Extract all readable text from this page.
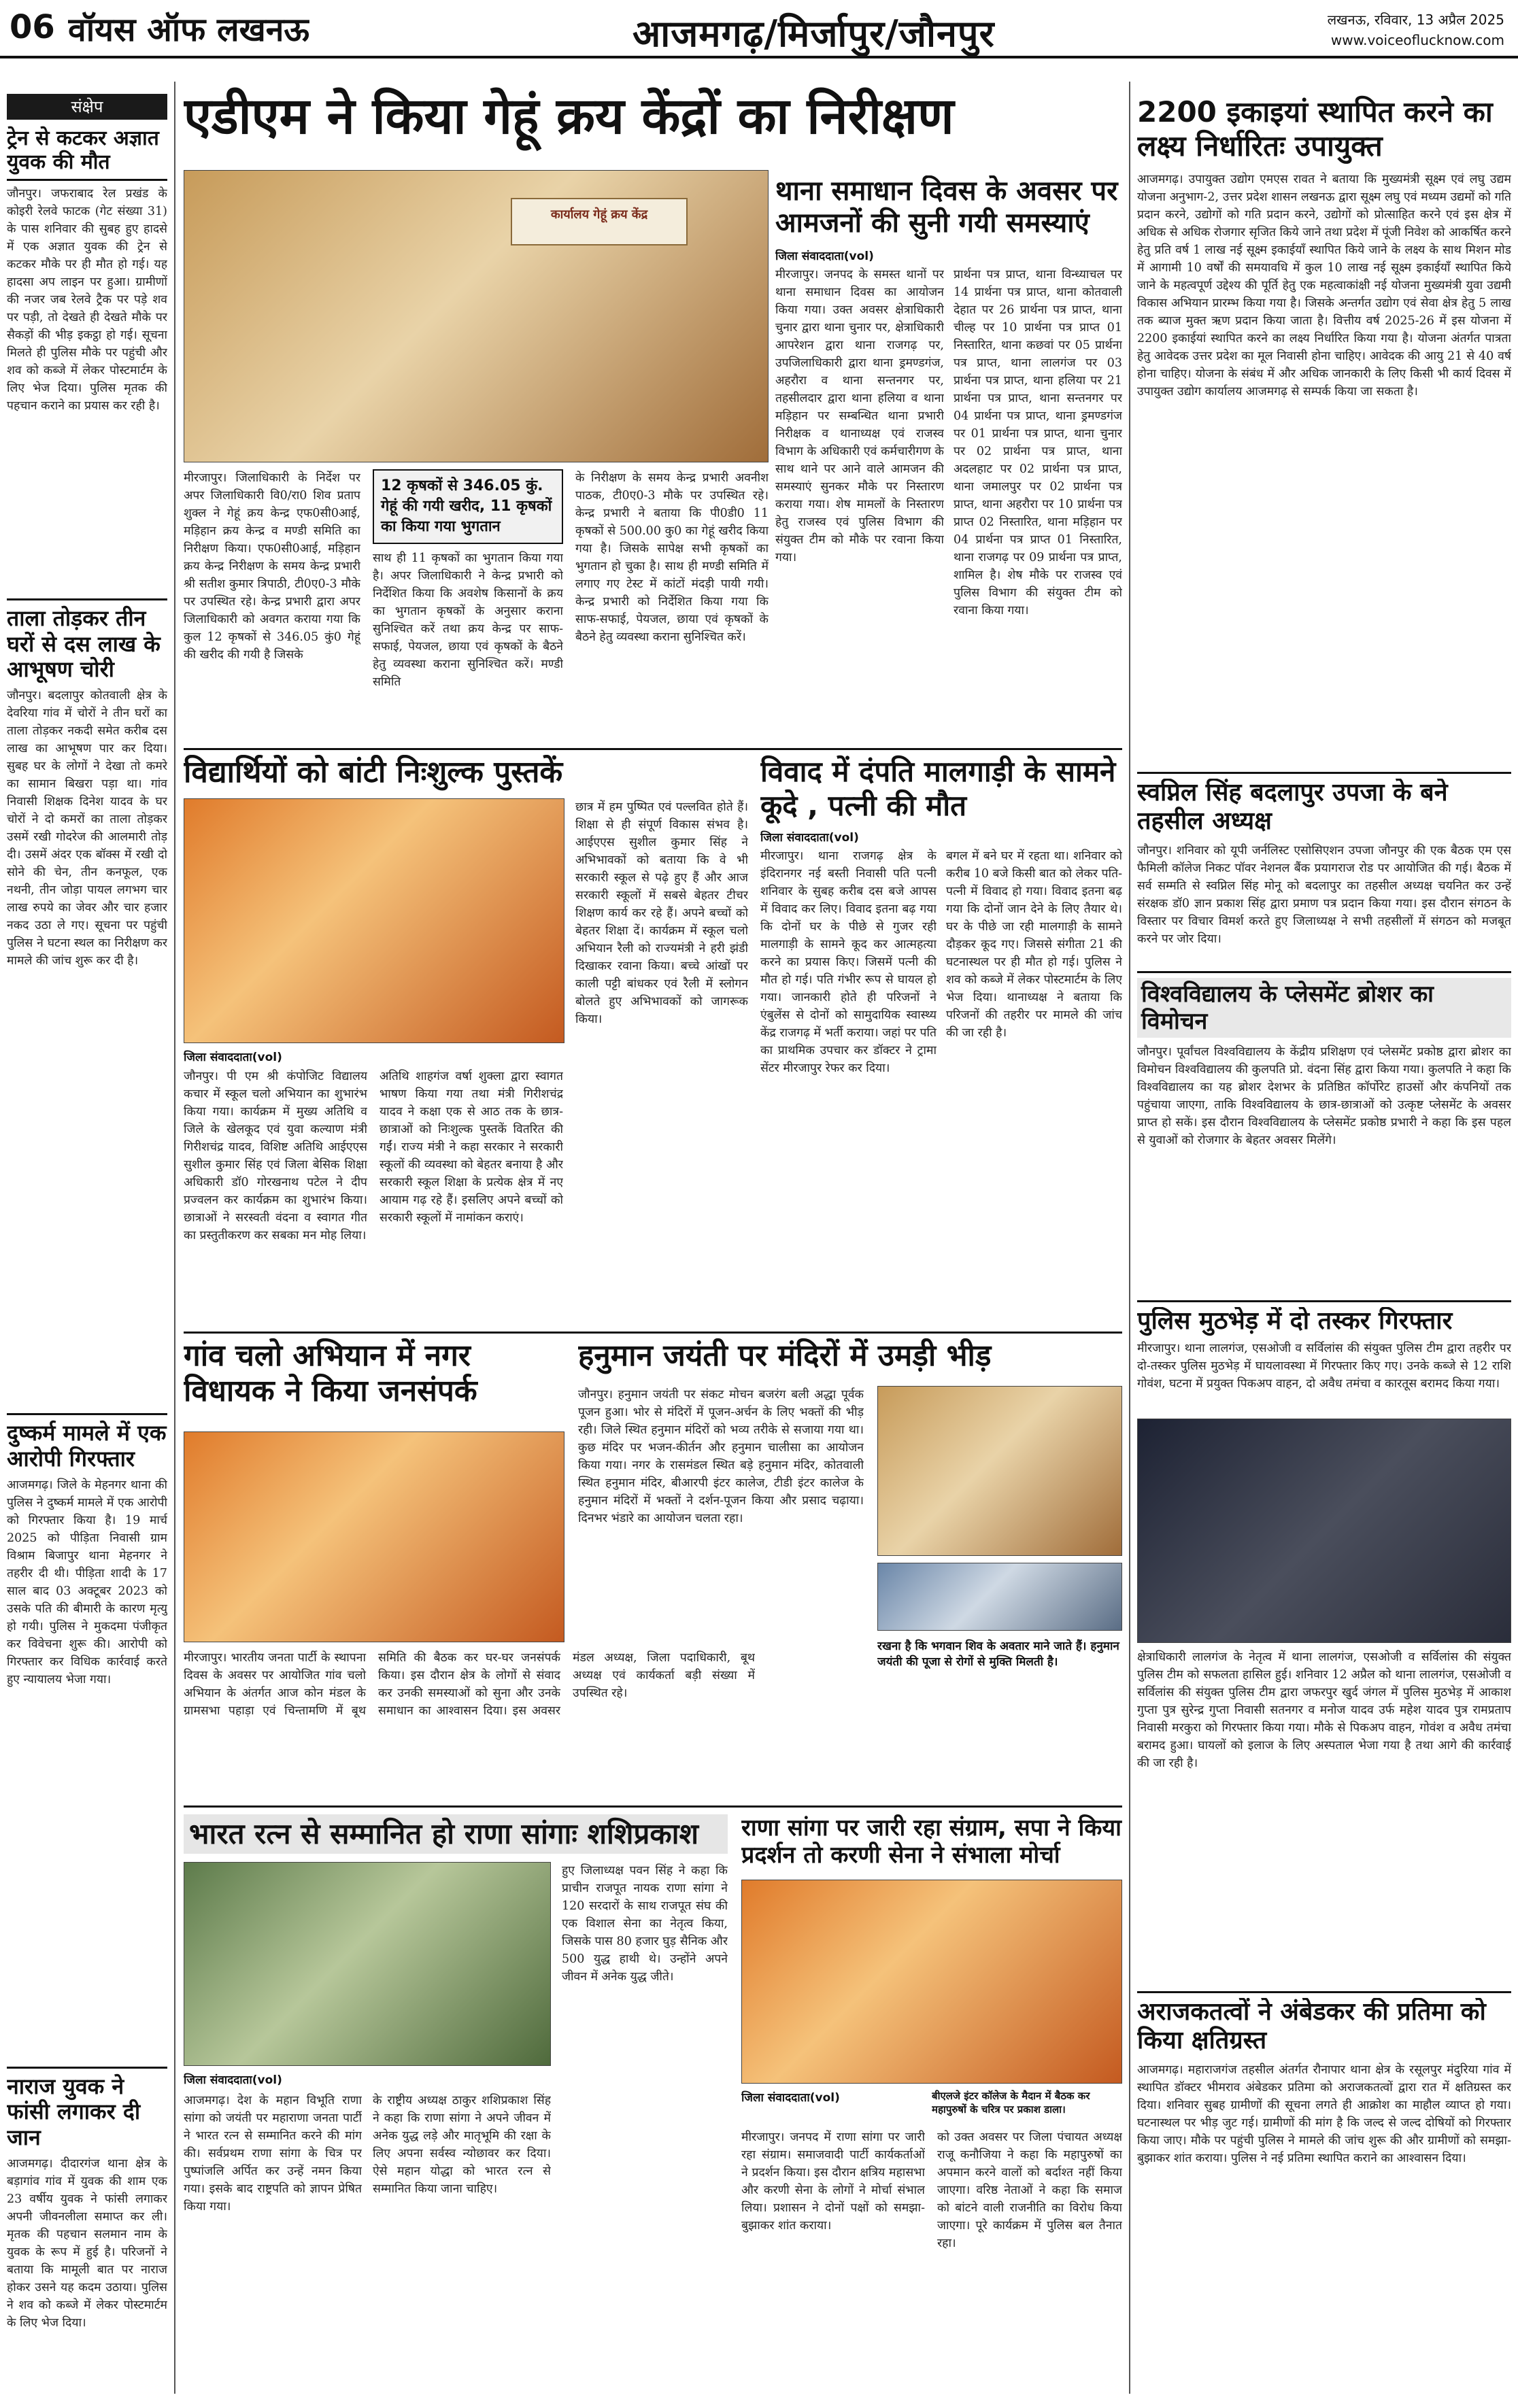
06 वॉयस ऑफ लखनऊ	आजमगढ़/मिर्जापुर/जौनपुर	लखनऊ, रविवार, 13 अप्रैल 2025
www.voiceoflucknow.com
संक्षेप
ट्रेन से कटकर अज्ञात युवक की मौत

जौनपुर। जफराबाद रेल प्रखंड के कोइरी रेलवे फाटक (गेट संख्या 31) के पास शनिवार की सुबह हुए हादसे में एक अज्ञात युवक की ट्रेन से कटकर मौके पर ही मौत हो गई। यह हादसा अप लाइन पर हुआ। ग्रामीणों की नजर जब रेलवे ट्रैक पर पड़े शव पर पड़ी, तो देखते ही देखते मौके पर सैकड़ों की भीड़ इकट्ठा हो गई। सूचना मिलते ही पुलिस मौके पर पहुंची और शव को कब्जे में लेकर पोस्टमार्टम के लिए भेज दिया। पुलिस मृतक की पहचान कराने का प्रयास कर रही है।

ताला तोड़कर तीन घरों से दस लाख के आभूषण चोरी

जौनपुर। बदलापुर कोतवाली क्षेत्र के देवरिया गांव में चोरों ने तीन घरों का ताला तोड़कर नकदी समेत करीब दस लाख का आभूषण पार कर दिया। सुबह घर के लोगों ने देखा तो कमरे का सामान बिखरा पड़ा था। गांव निवासी शिक्षक दिनेश यादव के घर चोरों ने दो कमरों का ताला तोड़कर उसमें रखी गोदरेज की आलमारी तोड़ दी। उसमें अंदर एक बॉक्स में रखी दो सोने की चेन, तीन कनफूल, एक नथनी, तीन जोड़ा पायल लगभग चार लाख रुपये का जेवर और चार हजार नकद उठा ले गए। सूचना पर पहुंची पुलिस ने घटना स्थल का निरीक्षण कर मामले की जांच शुरू कर दी है।

दुष्कर्म मामले में एक आरोपी गिरफ्तार

आजमगढ़। जिले के मेहनगर थाना की पुलिस ने दुष्कर्म मामले में एक आरोपी को गिरफ्तार किया है। 19 मार्च 2025 को पीड़िता निवासी ग्राम विश्राम बिजापुर थाना मेहनगर ने तहरीर दी थी। पीड़िता शादी के 17 साल बाद 03 अक्टूबर 2023 को उसके पति की बीमारी के कारण मृत्यु हो गयी। पुलिस ने मुकदमा पंजीकृत कर विवेचना शुरू की। आरोपी को गिरफ्तार कर विधिक कार्रवाई करते हुए न्यायालय भेजा गया।

नाराज युवक ने फांसी लगाकर दी जान

आजमगढ़। दीदारगंज थाना क्षेत्र के बड़ागांव गांव में युवक की शाम एक 23 वर्षीय युवक ने फांसी लगाकर अपनी जीवनलीला समाप्त कर ली। मृतक की पहचान सलमान नाम के युवक के रूप में हुई है। परिजनों ने बताया कि मामूली बात पर नाराज होकर उसने यह कदम उठाया। पुलिस ने शव को कब्जे में लेकर पोस्टमार्टम के लिए भेज दिया।

एडीएम ने किया गेहूं क्रय केंद्रों का निरीक्षण
कार्यालय गेहूं क्रय केंद्र

मीरजापुर। जिलाधिकारी के निर्देश पर अपर जिलाधिकारी वि0/रा0 शिव प्रताप शुक्ल ने गेहूं क्रय केन्द्र एफ0सी0आई, मड़िहान क्रय केन्द्र व मण्डी समिति का निरीक्षण किया। एफ0सी0आई, मड़िहान क्रय केन्द्र निरीक्षण के समय केन्द्र प्रभारी श्री सतीश कुमार त्रिपाठी, टी0ए0-3 मौके पर उपस्थित रहे। केन्द्र प्रभारी द्वारा अपर जिलाधिकारी को अवगत कराया गया कि कुल 12 कृषकों से 346.05 कुं0 गेहूं की खरीद की गयी है जिसके

12 कृषकों से 346.05 कुं. गेहूं की गयी खरीद, 11 कृषकों का किया गया भुगतान

साथ ही 11 कृषकों का भुगतान किया गया है। अपर जिलाधिकारी ने केन्द्र प्रभारी को निर्देशित किया कि अवशेष किसानों के क्रय का भुगतान कृषकों के अनुसार कराना सुनिश्चित करें तथा क्रय केन्द्र पर साफ-सफाई, पेयजल, छाया एवं कृषकों के बैठने हेतु व्यवस्था कराना सुनिश्चित करें। मण्डी समिति

के निरीक्षण के समय केन्द्र प्रभारी अवनीश पाठक, टी0ए0-3 मौके पर उपस्थित रहे। केन्द्र प्रभारी ने बताया कि पी0डी0 11 कृषकों से 500.00 कु0 का गेहूं खरीद किया गया है। जिसके सापेक्ष सभी कृषकों का भुगतान हो चुका है। साथ ही मण्डी समिति में लगाए गए टेस्ट में कांटों मंदड़ी पायी गयी। केन्द्र प्रभारी को निर्देशित किया गया कि साफ-सफाई, पेयजल, छाया एवं कृषकों के बैठने हेतु व्यवस्था कराना सुनिश्चित करें।

थाना समाधान दिवस के अवसर पर आमजनों की सुनी गयी समस्याएं
जिला संवाददाता(vol)

मीरजापुर। जनपद के समस्त थानों पर थाना समाधान दिवस का आयोजन किया गया। उक्त अवसर क्षेत्राधिकारी चुनार द्वारा थाना चुनार पर, क्षेत्राधिकारी आपरेशन द्वारा थाना राजगढ़ पर, उपजिलाधिकारी द्वारा थाना ड्रमण्डगंज, अहरौरा व थाना सन्तनगर पर, तहसीलदार द्वारा थाना हलिया व थाना मड़िहान पर सम्बन्धित थाना प्रभारी निरीक्षक व थानाध्यक्ष एवं राजस्व विभाग के अधिकारी एवं कर्मचारीगण के साथ थाने पर आने वाले आमजन की समस्याएं सुनकर मौके पर निस्तारण कराया गया। शेष मामलों के निस्तारण हेतु राजस्व एवं पुलिस विभाग की संयुक्त टीम को मौके पर रवाना किया गया।

प्रार्थना पत्र प्राप्त, थाना विन्ध्याचल पर 14 प्रार्थना पत्र प्राप्त, थाना कोतवाली देहात पर 26 प्रार्थना पत्र प्राप्त, थाना चील्ह पर 10 प्रार्थना पत्र प्राप्त 01 निस्तारित, थाना कछवां पर 05 प्रार्थना पत्र प्राप्त, थाना लालगंज पर 03 प्रार्थना पत्र प्राप्त, थाना हलिया पर 21 प्रार्थना पत्र प्राप्त, थाना सन्तनगर पर 04 प्रार्थना पत्र प्राप्त, थाना ड्रमण्डगंज पर 01 प्रार्थना पत्र प्राप्त, थाना चुनार पर 02 प्रार्थना पत्र प्राप्त, थाना अदलहाट पर 02 प्रार्थना पत्र प्राप्त, थाना जमालपुर पर 02 प्रार्थना पत्र प्राप्त, थाना अहरौरा पर 10 प्रार्थना पत्र प्राप्त 02 निस्तारित, थाना मड़िहान पर 04 प्रार्थना पत्र प्राप्त 01 निस्तारित, थाना राजगढ़ पर 09 प्रार्थना पत्र प्राप्त, शामिल है। शेष मौके पर राजस्व एवं पुलिस विभाग की संयुक्त टीम को रवाना किया गया।

2200 इकाइयां स्थापित करने का लक्ष्य निर्धारितः उपायुक्त

आजमगढ़। उपायुक्त उद्योग एमएस रावत ने बताया कि मुख्यमंत्री सूक्ष्म एवं लघु उद्यम योजना अनुभाग-2, उत्तर प्रदेश शासन लखनऊ द्वारा सूक्ष्म लघु एवं मध्यम उद्यमों को गति प्रदान करने, उद्योगों को गति प्रदान करने, उद्योगों को प्रोत्साहित करने एवं इस क्षेत्र में अधिक से अधिक रोजगार सृजित किये जाने तथा प्रदेश में पूंजी निवेश को आकर्षित करने हेतु प्रति वर्ष 1 लाख नई सूक्ष्म इकाईयाँ स्थापित किये जाने के लक्ष्य के साथ मिशन मोड में आगामी 10 वर्षों की समयावधि में कुल 10 लाख नई सूक्ष्म इकाईयाँ स्थापित किये जाने के महत्वपूर्ण उद्देश्य की पूर्ति हेतु एक महत्वाकांक्षी नई योजना मुख्यमंत्री युवा उद्यमी विकास अभियान प्रारम्भ किया गया है। जिसके अन्तर्गत उद्योग एवं सेवा क्षेत्र हेतु 5 लाख तक ब्याज मुक्त ऋण प्रदान किया जाता है। वित्तीय वर्ष 2025-26 में इस योजना में 2200 इकाईयां स्थापित करने का लक्ष्य निर्धारित किया गया है। योजना अंतर्गत पात्रता हेतु आवेदक उत्तर प्रदेश का मूल निवासी होना चाहिए। आवेदक की आयु 21 से 40 वर्ष होना चाहिए। योजना के संबंध में और अधिक जानकारी के लिए किसी भी कार्य दिवस में उपायुक्त उद्योग कार्यालय आजमगढ़ से सम्पर्क किया जा सकता है।

स्वप्निल सिंह बदलापुर उपजा के बने तहसील अध्यक्ष

जौनपुर। शनिवार को यूपी जर्नलिस्ट एसोसिएशन उपजा जौनपुर की एक बैठक एम एस फैमिली कॉलेज निकट पॉवर नेशनल बैंक प्रयागराज रोड पर आयोजित की गई। बैठक में सर्व सम्मति से स्वप्निल सिंह मोनू को बदलापुर का तहसील अध्यक्ष चयनित कर उन्हें संरक्षक डॉ0 ज्ञान प्रकाश सिंह द्वारा प्रमाण पत्र प्रदान किया गया। इस दौरान संगठन के विस्तार पर विचार विमर्श करते हुए जिलाध्यक्ष ने सभी तहसीलों में संगठन को मजबूत करने पर जोर दिया।

विश्वविद्यालय के प्लेसमेंट ब्रोशर का विमोचन

जौनपुर। पूर्वांचल विश्वविद्यालय के केंद्रीय प्रशिक्षण एवं प्लेसमेंट प्रकोष्ठ द्वारा ब्रोशर का विमोचन विश्वविद्यालय की कुलपति प्रो. वंदना सिंह द्वारा किया गया। कुलपति ने कहा कि विश्वविद्यालय का यह ब्रोशर देशभर के प्रतिष्ठित कॉर्पोरेट हाउसों और कंपनियों तक पहुंचाया जाएगा, ताकि विश्वविद्यालय के छात्र-छात्राओं को उत्कृष्ट प्लेसमेंट के अवसर प्राप्त हो सकें। इस दौरान विश्वविद्यालय के प्लेसमेंट प्रकोष्ठ प्रभारी ने कहा कि इस पहल से युवाओं को रोजगार के बेहतर अवसर मिलेंगे।

पुलिस मुठभेड़ में दो तस्कर गिरफ्तार

मीरजापुर। थाना लालगंज, एसओजी व सर्विलांस की संयुक्त पुलिस टीम द्वारा तहरीर पर दो-तस्कर पुलिस मुठभेड़ में घायलावस्था में गिरफ्तार किए गए। उनके कब्जे से 12 राशि गोवंश, घटना में प्रयुक्त पिकअप वाहन, दो अवैध तमंचा व कारतूस बरामद किया गया।

क्षेत्राधिकारी लालगंज के नेतृत्व में थाना लालगंज, एसओजी व सर्विलांस की संयुक्त पुलिस टीम को सफलता हासिल हुई। शनिवार 12 अप्रैल को थाना लालगंज, एसओजी व सर्विलांस की संयुक्त पुलिस टीम द्वारा जफरपुर खुर्द जंगल में पुलिस मुठभेड़ में आकाश गुप्ता पुत्र सुरेन्द्र गुप्ता निवासी सतनगर व मनोज यादव उर्फ महेश यादव पुत्र रामप्रताप निवासी मरकुरा को गिरफ्तार किया गया। मौके से पिकअप वाहन, गोवंश व अवैध तमंचा बरामद हुआ। घायलों को इलाज के लिए अस्पताल भेजा गया है तथा आगे की कार्रवाई की जा रही है।

अराजकतत्वों ने अंबेडकर की प्रतिमा को किया क्षतिग्रस्त

आजमगढ़। महाराजगंज तहसील अंतर्गत रौनापार थाना क्षेत्र के रसूलपुर मंदुरिया गांव में स्थापित डॉक्टर भीमराव अंबेडकर प्रतिमा को अराजकतत्वों द्वारा रात में क्षतिग्रस्त कर दिया। शनिवार सुबह ग्रामीणों की सूचना लगते ही आक्रोश का माहौल व्याप्त हो गया। घटनास्थल पर भीड़ जुट गई। ग्रामीणों की मांग है कि जल्द से जल्द दोषियों को गिरफ्तार किया जाए। मौके पर पहुंची पुलिस ने मामले की जांच शुरू की और ग्रामीणों को समझा-बुझाकर शांत कराया। पुलिस ने नई प्रतिमा स्थापित कराने का आश्वासन दिया।

विद्यार्थियों को बांटी निःशुल्क पुस्तकें
जिला संवाददाता(vol)

जौनपुर। पी एम श्री कंपोजिट विद्यालय कचार में स्कूल चलो अभियान का शुभारंभ किया गया। कार्यक्रम में मुख्य अतिथि व जिले के खेलकूद एवं युवा कल्याण मंत्री गिरीशचंद्र यादव, विशिष्ट अतिथि आईएएस सुशील कुमार सिंह एवं जिला बेसिक शिक्षा अधिकारी डॉ0 गोरखनाथ पटेल ने दीप प्रज्वलन कर कार्यक्रम का शुभारंभ किया। छात्राओं ने सरस्वती वंदना व स्वागत गीत का प्रस्तुतीकरण कर सबका मन मोह लिया।

अतिथि शाहगंज वर्षा शुक्ला द्वारा स्वागत भाषण किया गया तथा मंत्री गिरीशचंद्र यादव ने कक्षा एक से आठ तक के छात्र-छात्राओं को निःशुल्क पुस्तकें वितरित की गईं। राज्य मंत्री ने कहा सरकार ने सरकारी स्कूलों की व्यवस्था को बेहतर बनाया है और सरकारी स्कूल शिक्षा के प्रत्येक क्षेत्र में नए आयाम गढ़ रहे हैं। इसलिए अपने बच्चों को सरकारी स्कूलों में नामांकन कराएं।

छात्र में हम पुष्पित एवं पल्लवित होते हैं। शिक्षा से ही संपूर्ण विकास संभव है। आईएएस सुशील कुमार सिंह ने अभिभावकों को बताया कि वे भी सरकारी स्कूल से पढ़े हुए हैं और आज सरकारी स्कूलों में सबसे बेहतर टीचर शिक्षण कार्य कर रहे हैं। अपने बच्चों को बेहतर शिक्षा दें। कार्यक्रम में स्कूल चलो अभियान रैली को राज्यमंत्री ने हरी झंडी दिखाकर रवाना किया। बच्चे आंखों पर काली पट्टी बांधकर एवं रैली में स्लोगन बोलते हुए अभिभावकों को जागरूक किया।

विवाद में दंपति मालगाड़ी के सामने कूदे , पत्नी की मौत
जिला संवाददाता(vol)

मीरजापुर। थाना राजगढ़ क्षेत्र के इंदिरानगर नई बस्ती निवासी पति पत्नी शनिवार के सुबह करीब दस बजे आपस में विवाद कर लिए। विवाद इतना बढ़ गया कि दोनों घर के पीछे से गुजर रही मालगाड़ी के सामने कूद कर आत्महत्या करने का प्रयास किए। जिसमें पत्नी की मौत हो गई। पति गंभीर रूप से घायल हो गया। जानकारी होते ही परिजनों ने एंबुलेंस से दोनों को सामुदायिक स्वास्थ्य केंद्र राजगढ़ में भर्ती कराया। जहां पर पति का प्राथमिक उपचार कर डॉक्टर ने ट्रामा सेंटर मीरजापुर रेफर कर दिया।

बगल में बने घर में रहता था। शनिवार को करीब 10 बजे किसी बात को लेकर पति-पत्नी में विवाद हो गया। विवाद इतना बढ़ गया कि दोनों जान देने के लिए तैयार थे। घर के पीछे जा रही मालगाड़ी के सामने दौड़कर कूद गए। जिससे संगीता 21 की घटनास्थल पर ही मौत हो गई। पुलिस ने शव को कब्जे में लेकर पोस्टमार्टम के लिए भेज दिया। थानाध्यक्ष ने बताया कि परिजनों की तहरीर पर मामले की जांच की जा रही है।

गांव चलो अभियान में नगर विधायक ने किया जनसंपर्क

मीरजापुर। भारतीय जनता पार्टी के स्थापना दिवस के अवसर पर आयोजित गांव चलो अभियान के अंतर्गत आज कोन मंडल के ग्रामसभा पहाड़ा एवं चिन्तामणि में बूथ समिति की बैठक कर घर-घर जनसंपर्क किया। इस दौरान क्षेत्र के लोगों से संवाद कर उनकी समस्याओं को सुना और उनके समाधान का आश्वासन दिया। इस अवसर मंडल अध्यक्ष, जिला पदाधिकारी, बूथ अध्यक्ष एवं कार्यकर्ता बड़ी संख्या में उपस्थित रहे।

हनुमान जयंती पर मंदिरों में उमड़ी भीड़

जौनपुर। हनुमान जयंती पर संकट मोचन बजरंग बली अद्धा पूर्वक पूजन हुआ। भोर से मंदिरों में पूजन-अर्चन के लिए भक्तों की भीड़ रही। जिले स्थित हनुमान मंदिरों को भव्य तरीके से सजाया गया था। कुछ मंदिर पर भजन-कीर्तन और हनुमान चालीसा का आयोजन किया गया। नगर के रासमंडल स्थित बड़े हनुमान मंदिर, कोतवाली स्थित हनुमान मंदिर, बीआरपी इंटर कालेज, टीडी इंटर कालेज के हनुमान मंदिरों में भक्तों ने दर्शन-पूजन किया और प्रसाद चढ़ाया। दिनभर भंडारे का आयोजन चलता रहा।

रखना है कि भगवान शिव के अवतार माने जाते हैं। हनुमान जयंती की पूजा से रोगों से मुक्ति मिलती है।

भारत रत्न से सम्मानित हो राणा सांगाः शशिप्रकाश
जिला संवाददाता(vol)

आजमगढ़। देश के महान विभूति राणा सांगा को जयंती पर महाराणा जनता पार्टी ने भारत रत्न से सम्मानित करने की मांग की। सर्वप्रथम राणा सांगा के चित्र पर पुष्पांजलि अर्पित कर उन्हें नमन किया गया। इसके बाद राष्ट्रपति को ज्ञापन प्रेषित किया गया।

के राष्ट्रीय अध्यक्ष ठाकुर शशिप्रकाश सिंह ने कहा कि राणा सांगा ने अपने जीवन में अनेक युद्ध लड़े और मातृभूमि की रक्षा के लिए अपना सर्वस्व न्योछावर कर दिया। ऐसे महान योद्धा को भारत रत्न से सम्मानित किया जाना चाहिए।

हुए जिलाध्यक्ष पवन सिंह ने कहा कि प्राचीन राजपूत नायक राणा सांगा ने 120 सरदारों के साथ राजपूत संघ की एक विशाल सेना का नेतृत्व किया, जिसके पास 80 हजार घुड़ सैनिक और 500 युद्ध हाथी थे। उन्होंने अपने जीवन में अनेक युद्ध जीते।

राणा सांगा पर जारी रहा संग्राम, सपा ने किया प्रदर्शन तो करणी सेना ने संभाला मोर्चा
जिला संवाददाता(vol)	बीएलजे इंटर कॉलेज के मैदान में बैठक कर महापुरुषों के चरित्र पर प्रकाश डाला।

मीरजापुर। जनपद में राणा सांगा पर जारी रहा संग्राम। समाजवादी पार्टी कार्यकर्ताओं ने प्रदर्शन किया। इस दौरान क्षत्रिय महासभा और करणी सेना के लोगों ने मोर्चा संभाल लिया। प्रशासन ने दोनों पक्षों को समझा-बुझाकर शांत कराया।

को उक्त अवसर पर जिला पंचायत अध्यक्ष राजू कनौजिया ने कहा कि महापुरुषों का अपमान करने वालों को बर्दाश्त नहीं किया जाएगा। वरिष्ठ नेताओं ने कहा कि समाज को बांटने वाली राजनीति का विरोध किया जाएगा। पूरे कार्यक्रम में पुलिस बल तैनात रहा।
